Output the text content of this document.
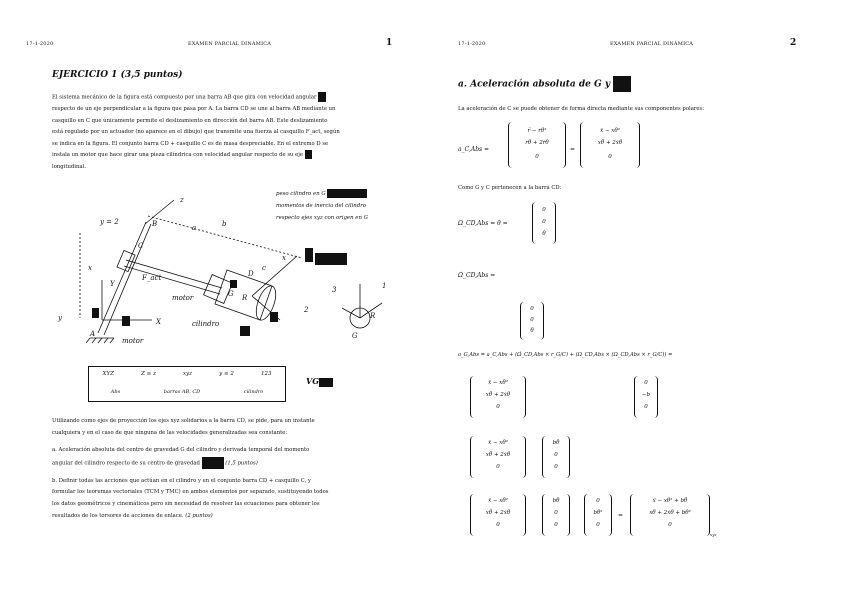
17-1-2020	EXAMEN PARCIAL DINÁMICA	1
EJERCICIO 1 (3,5 puntos)
El sistema mecánico de la figura está compuesto por una barra AB que gira con velocidad angular
respecto de un eje perpendicular a la figura que pasa por A. La barra CD se une al barra AB mediante un
casquillo en C que únicamente permite el deslizamiento en dirección del barra AB. Este deslizamiento
está regulado por un actuador (no aparece en el dibujo) que transmite una fuerza al casquillo F_act, según
se indica en la figura. El conjunto barra CD + casquillo C es de masa despreciable. En el extremo D se
instala un motor que hace girar una pieza cilíndrica con velocidad angular respecto de su eje
longitudinal.
peso cilindro en G
momentos de inercia del cilindro
respecto ejes xyz con origen en G
y = 2
x
y
B
C
a	b
c
z
x
D
G R
F_act
motor
cilindro
A
motor
Y
X
2
3	1
G
R
XYZ	Z ≡ z	xyz	y ≡ 2	123
Abs	barras AB, CD	cilindro
VG
Utilizando como ejes de proyección los ejes xyz solidarios a la barra CD, se pide, para un instante
cualquiera y en el caso de que ninguna de las velocidades generalizadas sea constante:
a. Aceleración absoluta del centro de gravedad G del cilindro y derivada temporal del momento
angular del cilindro respecto de su centro de gravedad	(1,5 puntos)
b. Definir todas las acciones que actúan en el cilindro y en el conjunto barra CD + casquillo C, y
formular los teoremas vectoriales (TCM y TMC) en ambos elementos por separado, sustituyendo todos
los datos geométricos y cinemáticos pero sin necesidad de resolver las ecuaciones para obtener los
resultados de los torsores de acciones de enlace. (2 puntos)
17-1-2020	EXAMEN PARCIAL DINÁMICA	2
a. Aceleración absoluta de G y
La aceleración de C se puede obtener de forma directa mediante sus componentes polares:
a_C,Abs =
r̈ − rθ̇²
rθ̈ + 2ṙθ̇
0
=
ẍ − xθ̇²
xθ̈ + 2ẋθ̇
0
Como G y C pertenecen a la barra CD:
Ω_CD,Abs = θ̇ =
0
0
θ̇
Ω̇_CD,Abs =
0
0
θ̈
a_G,Abs = a_C,Abs + (Ω̇_CD,Abs × r_G/C) + (Ω_CD,Abs × (Ω_CD,Abs × r_G/C)) =
ẍ − xθ̇²
xθ̈ + 2ẋθ̇
0
0
−b
0
ẍ − xθ̇²
xθ̈ + 2ẋθ̇
0
bθ̈
0
0
ẍ − xθ̇²
xθ̈ + 2ẋθ̇
0
bθ̈
0
0
0
bθ̇²
0
=
ẍ − xθ̇² + bθ̈
xθ̈ + 2ẋθ̇ + bθ̇²
0
xyz
